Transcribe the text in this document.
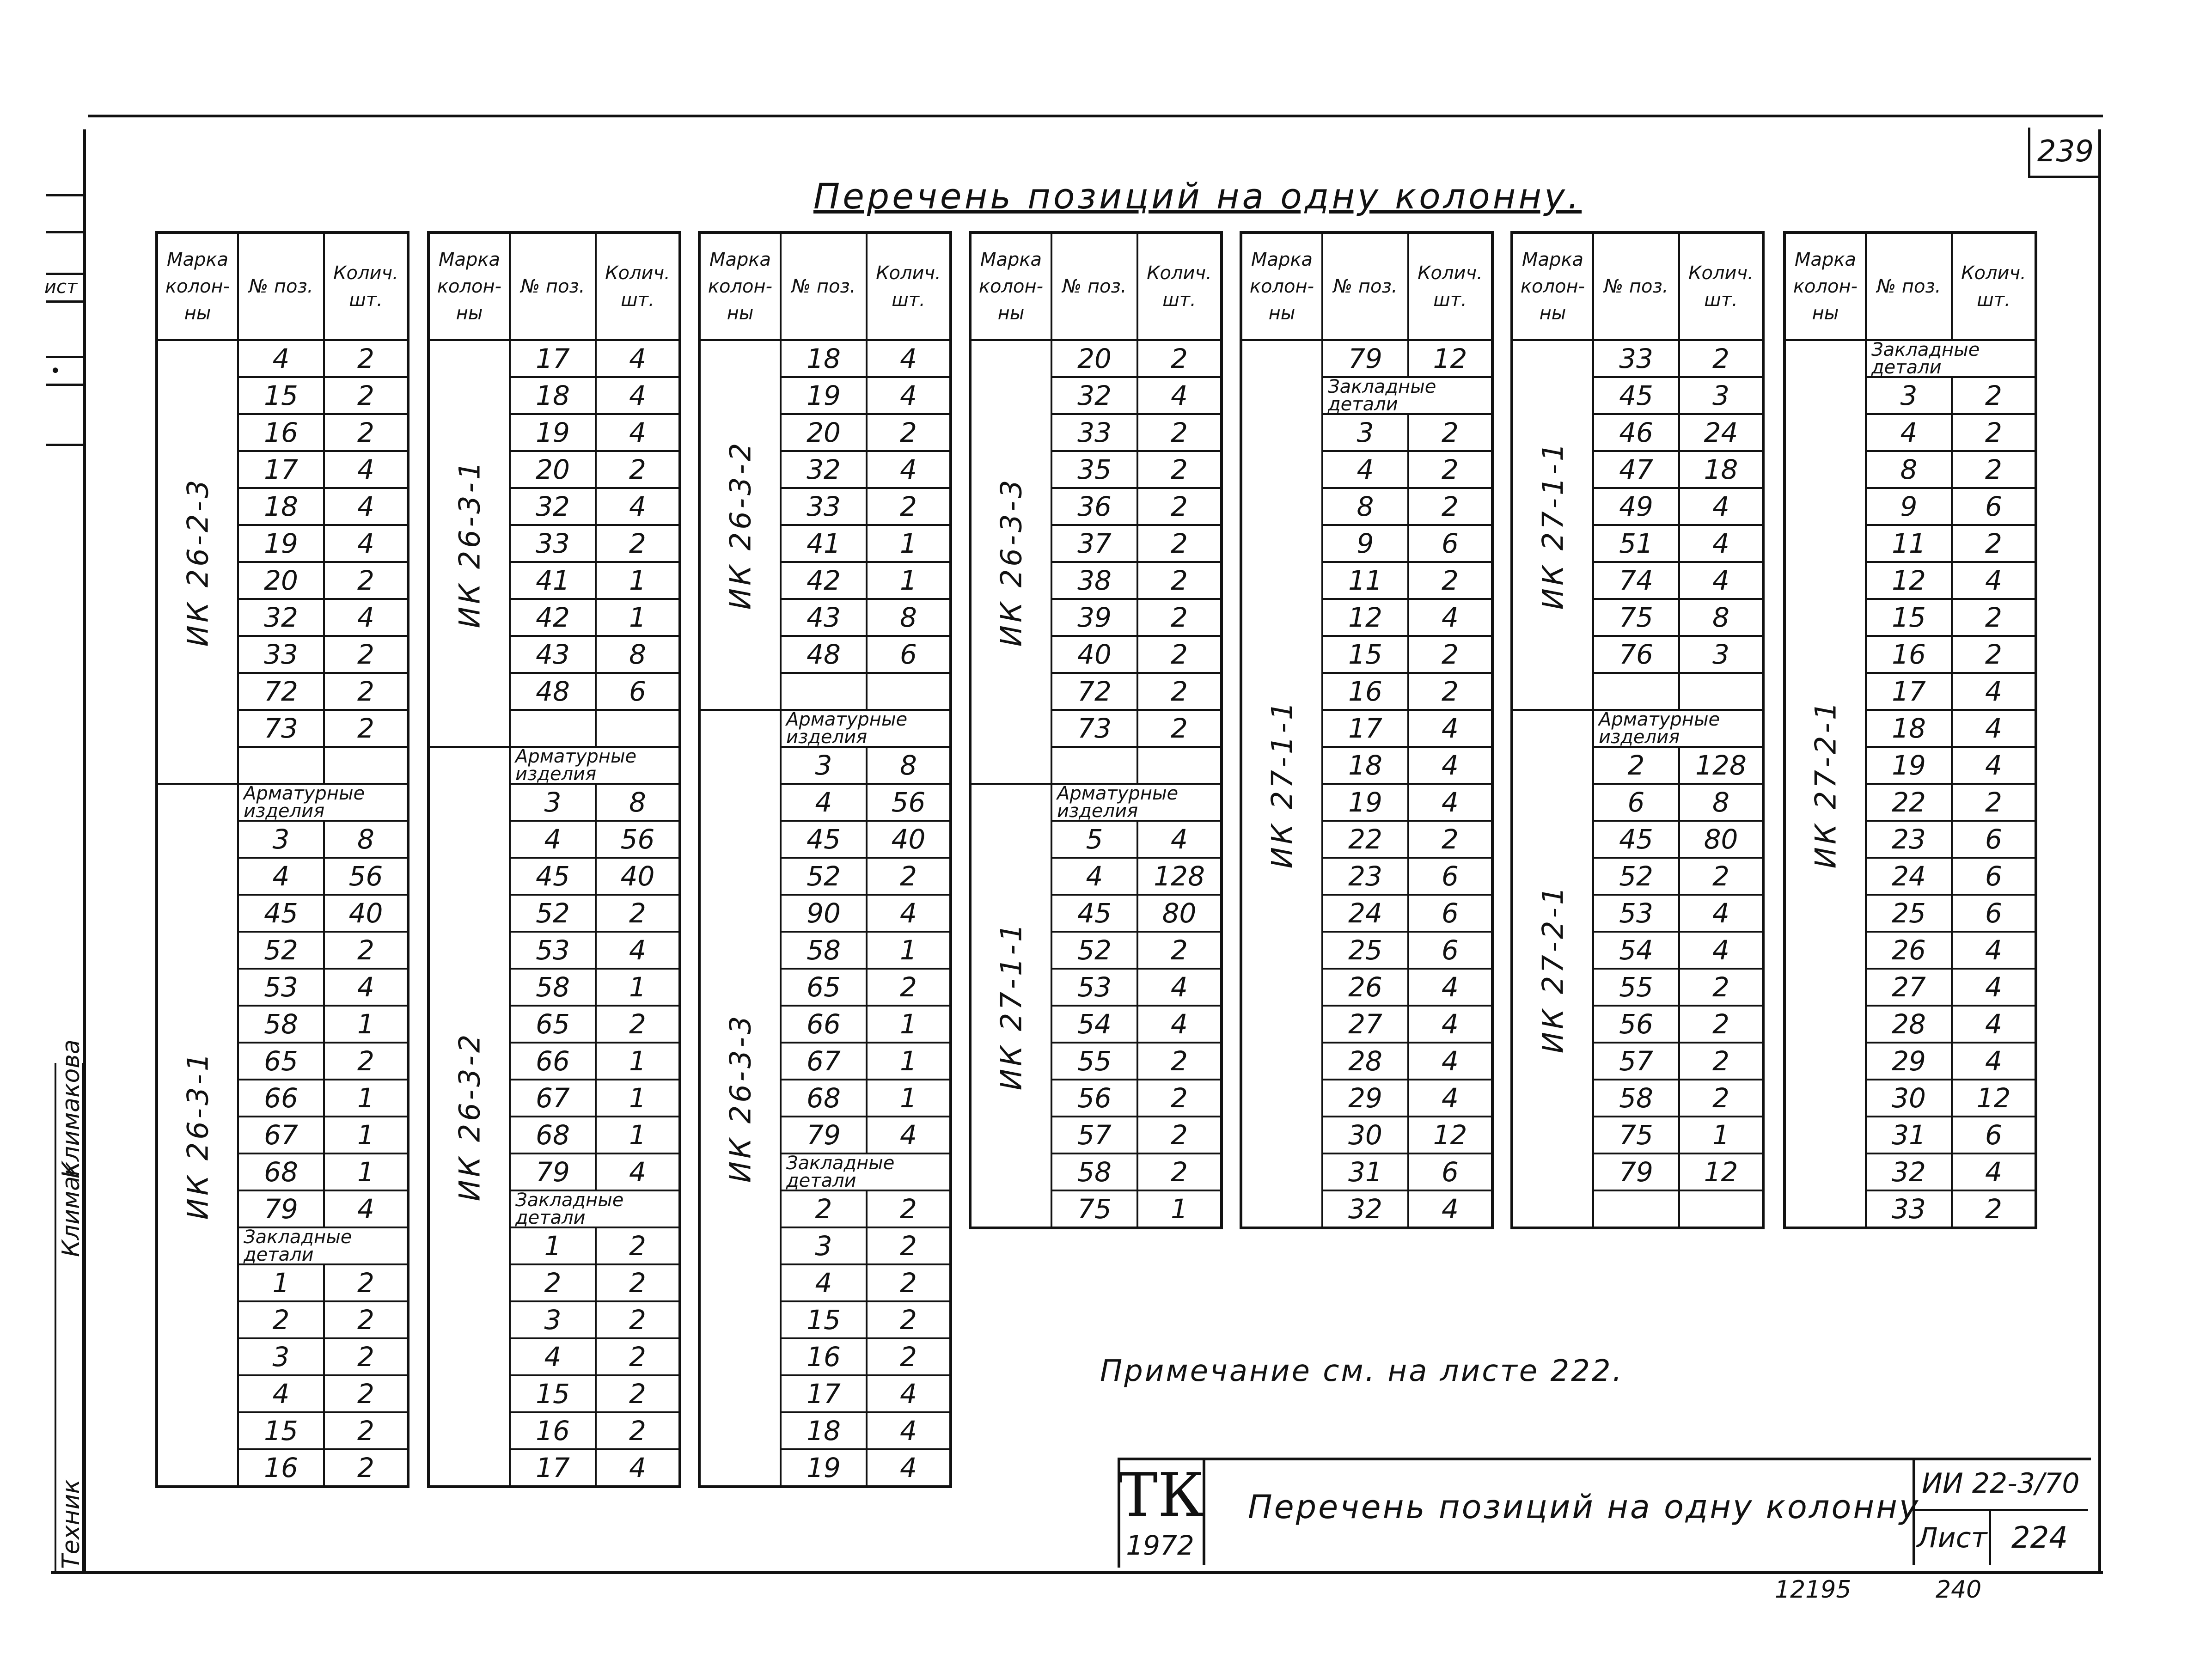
239
Перечень позиций на одну колонну.
ист
•
Техник
Климак
Климакова
Марка колон-ны	№ поз.	Колич. шт.

ИК 26-2-3	4	2
	15	2
	16	2
	17	4
	18	4
	19	4
	20	2
	32	4
	33	2
	72	2
	73	2

ИК 26-3-1	Арматурные изделия	
	3	8
	4	56
	45	40
	52	2
	53	4
	58	1
	65	2
	66	1
	67	1
	68	1
	79	4
	Закладные детали	
	1	2
	2	2
	3	2
	4	2
	15	2
	16	2
Марка колон-ны	№ поз.	Колич. шт.

ИК 26-3-1	17	4
	18	4
	19	4
	20	2
	32	4
	33	2
	41	1
	42	1
	43	8
	48	6

ИК 26-3-2	Арматурные изделия	
	3	8
	4	56
	45	40
	52	2
	53	4
	58	1
	65	2
	66	1
	67	1
	68	1
	79	4
	Закладные детали	
	1	2
	2	2
	3	2
	4	2
	15	2
	16	2
	17	4
Марка колон-ны	№ поз.	Колич. шт.

ИК 26-3-2	18	4
	19	4
	20	2
	32	4
	33	2
	41	1
	42	1
	43	8
	48	6

ИК 26-3-3	Арматурные изделия	
	3	8
	4	56
	45	40
	52	2
	90	4
	58	1
	65	2
	66	1
	67	1
	68	1
	79	4
	Закладные детали	
	2	2
	3	2
	4	2
	15	2
	16	2
	17	4
	18	4
	19	4
Марка колон-ны	№ поз.	Колич. шт.

ИК 26-3-3	20	2
	32	4
	33	2
	35	2
	36	2
	37	2
	38	2
	39	2
	40	2
	72	2
	73	2

ИК 27-1-1	Арматурные изделия	
	5	4
	4	128
	45	80
	52	2
	53	4
	54	4
	55	2
	56	2
	57	2
	58	2
	75	1
Марка колон-ны	№ поз.	Колич. шт.

ИК 27-1-1	79	12
	Закладные детали	
	3	2
	4	2
	8	2
	9	6
	11	2
	12	4
	15	2
	16	2
	17	4
	18	4
	19	4
	22	2
	23	6
	24	6
	25	6
	26	4
	27	4
	28	4
	29	4
	30	12
	31	6
	32	4
Марка колон-ны	№ поз.	Колич. шт.

ИК 27-1-1	33	2
	45	3
	46	24
	47	18
	49	4
	51	4
	74	4
	75	8
	76	3

ИК 27-2-1	Арматурные изделия	
	2	128
	6	8
	45	80
	52	2
	53	4
	54	4
	55	2
	56	2
	57	2
	58	2
	75	1
	79	12

Марка колон-ны	№ поз.	Колич. шт.

ИК 27-2-1	Закладные детали	
	3	2
	4	2
	8	2
	9	6
	11	2
	12	4
	15	2
	16	2
	17	4
	18	4
	19	4
	22	2
	23	6
	24	6
	25	6
	26	4
	27	4
	28	4
	29	4
	30	12
	31	6
	32	4
	33	2
Примечание см. на листе 222.
ТК
1972
Перечень позиций на одну колонну
ИИ 22-3/70
Лист 224
12195	240
